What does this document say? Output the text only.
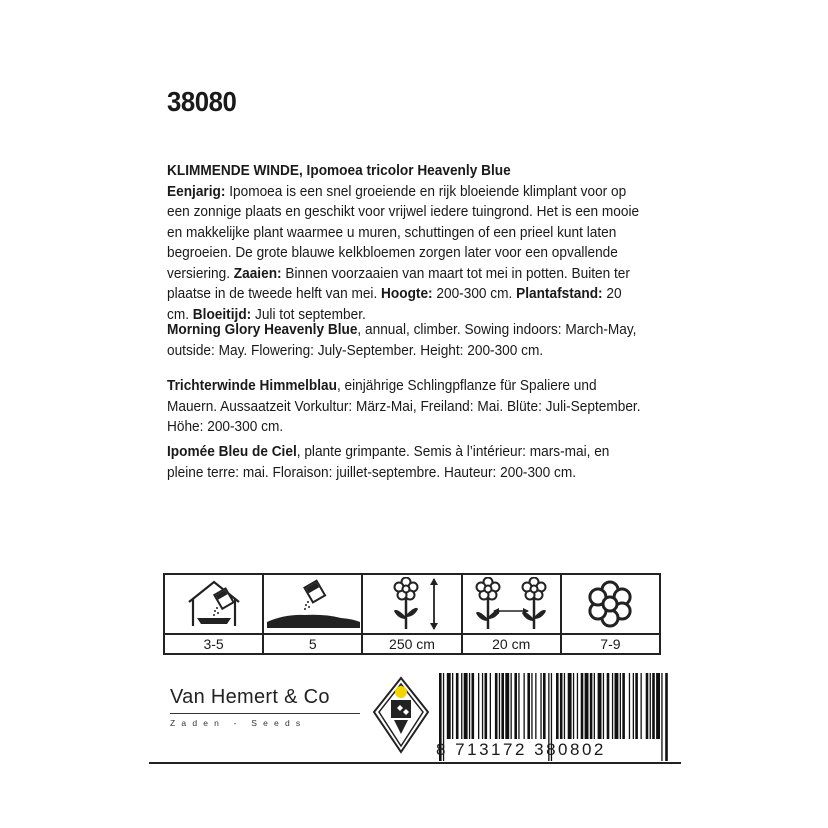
38080
KLIMMENDE WINDE, Ipomoea tricolor Heavenly Blue
Eenjarig: Ipomoea is een snel groeiende en rijk bloeiende klimplant voor op een zonnige plaats en geschikt voor vrijwel iedere tuingrond. Het is een mooie en makkelijke plant waarmee u muren, schuttingen of een prieel kunt laten begroeien. De grote blauwe kelkbloemen zorgen later voor een opvallende versiering. Zaaien: Binnen voorzaaien van maart tot mei in potten. Buiten ter plaatse in de tweede helft van mei. Hoogte: 200-300 cm. Plantafstand: 20 cm. Bloeitijd: Juli tot september.
Morning Glory Heavenly Blue, annual, climber. Sowing indoors: March-May, outside: May. Flowering: July-September. Height: 200-300 cm.
Trichterwinde Himmelblau, einjährige Schlingpflanze für Spaliere und Mauern. Aussaatzeit Vorkultur: März-Mai, Freiland: Mai. Blüte: Juli-September. Höhe: 200-300 cm.
Ipomée Bleu de Ciel, plante grimpante. Semis à l’intérieur: mars-mai, en pleine terre: mai. Floraison: juillet-septembre. Hauteur: 200-300 cm.
3-5	5	250 cm	20 cm	7-9
Van Hemert & Co
Zaden - Seeds
8 713172 380802
